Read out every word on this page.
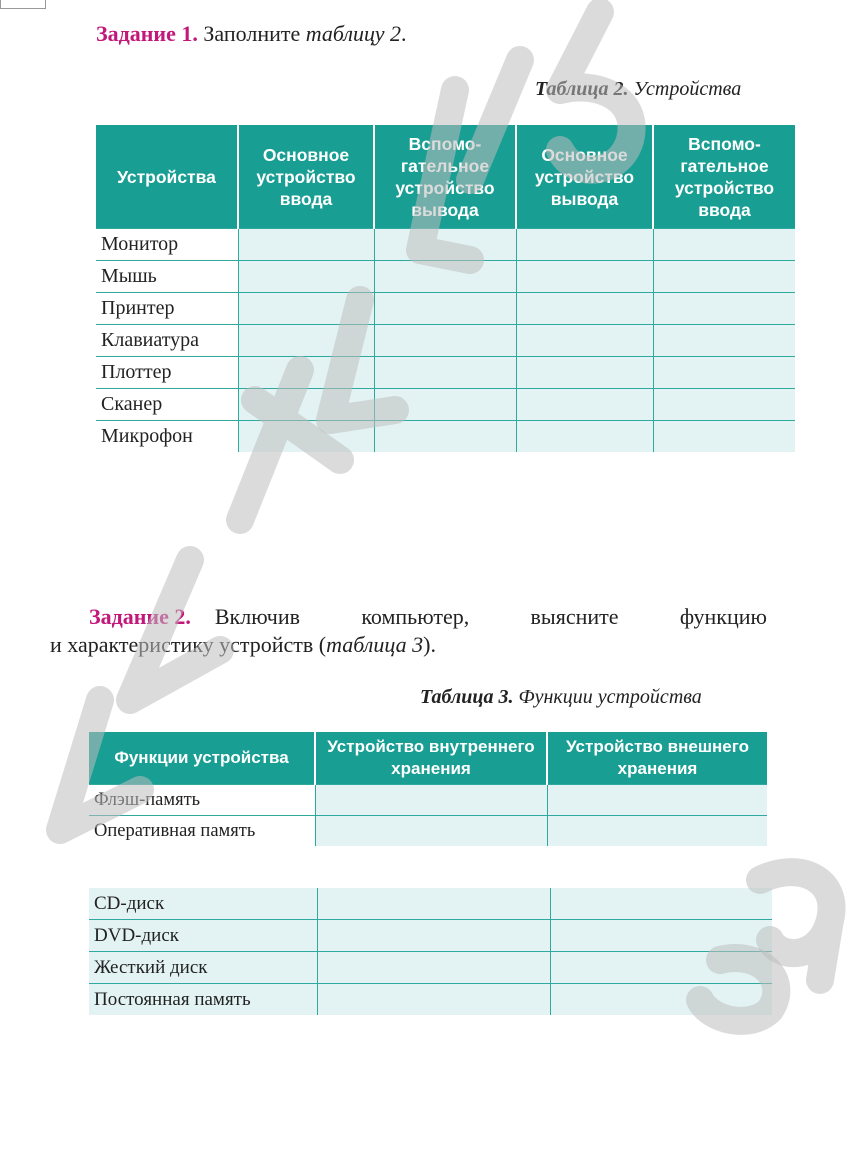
Задание 1. Заполните таблицу 2.
Таблица 2. Устройства
Устройства	Основное устройство ввода	Вспомо-
гательное устройство вывода	Основное устройство вывода	Вспомо-
гательное устройство ввода
Монитор				
Мышь				
Принтер				
Клавиатура				
Плоттер				
Сканер				
Микрофон				
Задание 2. Включив	компьютер,	выясните	функцию
и характеристику устройств (таблица 3).
Таблица 3. Функции устройства
Функции устройства	Устройство внутреннего хранения	Устройство внешнего хранения
Флэш-память		
Оперативная память		
CD-диск		
DVD-диск		
Жесткий диск		
Постоянная память		
